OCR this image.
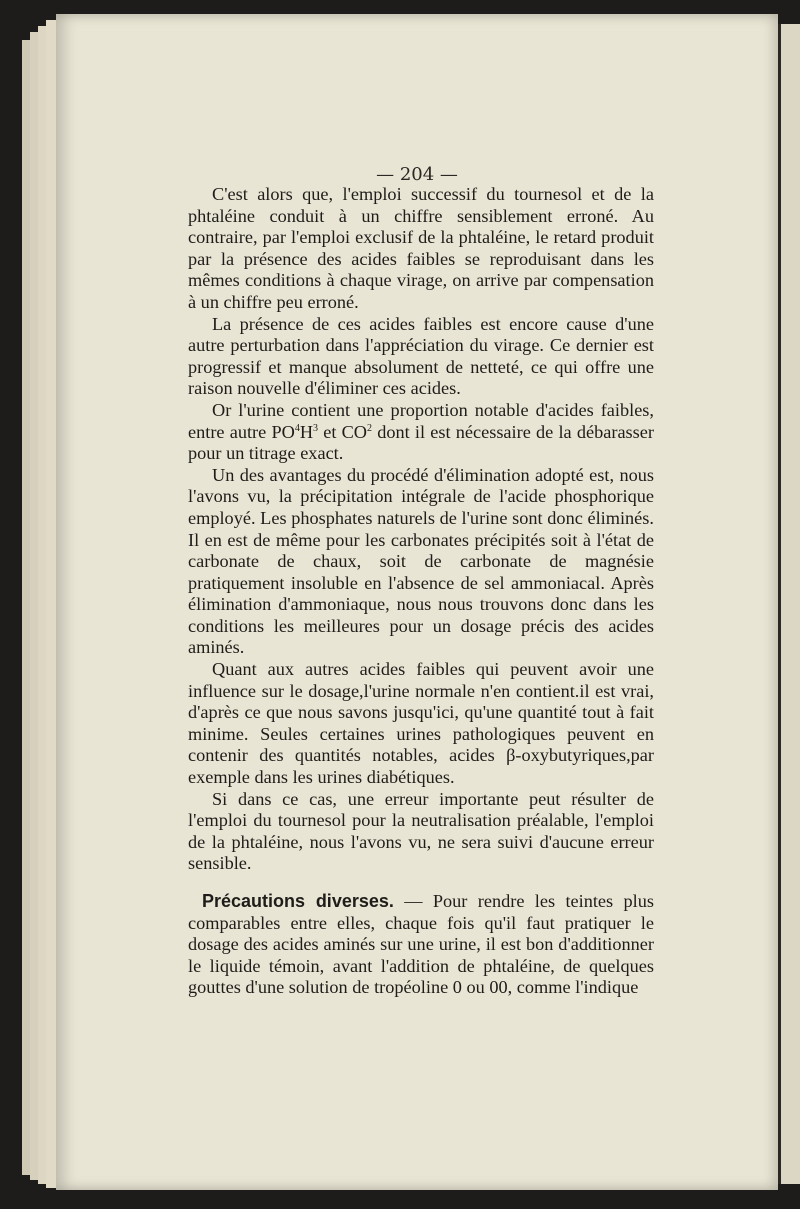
— 204 —

C'est alors que, l'emploi successif du tournesol et de la phtaléine conduit à un chiffre sensiblement erroné. Au contraire, par l'emploi exclusif de la phtaléine, le retard produit par la présence des acides faibles se reproduisant dans les mêmes conditions à chaque virage, on arrive par compensation à un chiffre peu erroné.

La présence de ces acides faibles est encore cause d'une autre perturbation dans l'appréciation du virage. Ce dernier est progressif et manque absolument de netteté, ce qui offre une raison nouvelle d'éliminer ces acides.

Or l'urine contient une proportion notable d'acides faibles, entre autre $PO^4H^3$ et $CO^2$ dont il est nécessaire de la débarasser pour un titrage exact.

Un des avantages du procédé d'élimination adopté est, nous l'avons vu, la précipitation intégrale de l'acide phosphorique employé. Les phosphates naturels de l'urine sont donc éliminés. Il en est de même pour les carbonates précipités soit à l'état de carbonate de chaux, soit de carbonate de magnésie pratiquement insoluble en l'absence de sel ammoniacal. Après élimination d'ammoniaque, nous nous trouvons donc dans les conditions les meilleures pour un dosage précis des acides aminés.

Quant aux autres acides faibles qui peuvent avoir une influence sur le dosage,l'urine normale n'en contient.il est vrai, d'après ce que nous savons jusqu'ici, qu'une quantité tout à fait minime. Seules certaines urines pathologiques peuvent en contenir des quantités notables, acides β-oxybutyriques,par exemple dans les urines diabétiques.

Si dans ce cas, une erreur importante peut résulter de l'emploi du tournesol pour la neutralisation préalable, l'emploi de la phtaléine, nous l'avons vu, ne sera suivi d'aucune erreur sensible.

Précautions diverses. — Pour rendre les teintes plus comparables entre elles, chaque fois qu'il faut pratiquer le dosage des acides aminés sur une urine, il est bon d'additionner le liquide témoin, avant l'addition de phtaléine, de quelques gouttes d'une solution de tropéoline 0 ou 00, comme l'indique
